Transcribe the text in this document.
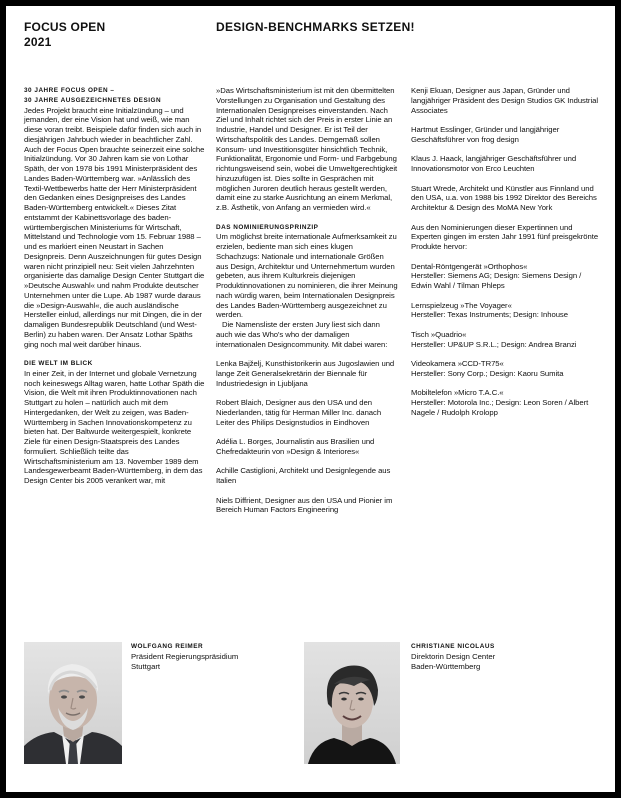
FOCUS OPEN
2021
DESIGN-BENCHMARKS SETZEN!

30 JAHRE FOCUS OPEN –

30 JAHRE AUSGEZEICHNETES DESIGN

Jedes Projekt braucht eine Initialzündung – und jemanden, der eine Vision hat und weiß, wie man diese voran treibt. Beispiele dafür finden sich auch in diesjährigen Jahrbuch wieder in beachtlicher Zahl. Auch der Focus Open brauchte seinerzeit eine solche Initialzündung. Vor 30 Jahren kam sie von Lothar Späth, der von 1978 bis 1991 Ministerpräsident des Landes Baden-Württemberg war. »Anlässlich des Textil-Wettbewerbs hatte der Herr Ministerpräsident den Gedanken eines Designpreises des Landes Baden-Württemberg entwickelt.« Dieses Zitat entstammt der Kabinettsvorlage des baden-württembergischen Ministeriums für Wirtschaft, Mittelstand und Technologie vom 15. Februar 1988 – und es markiert einen Neustart in Sachen Designpreis. Denn Auszeichnungen für gutes Design waren nicht prinzipiell neu: Seit vielen Jahrzehnten organisierte das damalige Design Center Stuttgart die »Deutsche Auswahl« und nahm Produkte deutscher Unternehmen unter die Lupe. Ab 1987 wurde daraus die »Design-Auswahl«, die auch ausländische Hersteller einlud, allerdings nur mit Dingen, die in der damaligen Bundesrepublik Deutschland (und West-Berlin) zu haben waren. Der Ansatz Lothar Späths ging noch mal weit darüber hinaus.

DIE WELT IM BLICK

In einer Zeit, in der Internet und globale Vernetzung noch keineswegs Alltag waren, hatte Lothar Späth die Vision, die Welt mit ihren Produktinnovationen nach Stuttgart zu holen – natürlich auch mit dem Hintergedanken, der Welt zu zeigen, was Baden-Württemberg in Sachen Innovationskompetenz zu bieten hat. Der Baltwurde weitergespielt, konkrete Ziele für einen Design-Staatspreis des Landes formuliert. Schließlich teilte das Wirtschaftsministerium am 13. November 1989 dem Landesgewerbeamt Baden-Württemberg, in dem das Design Center bis 2005 verankert war, mit

»Das Wirtschaftsministerium ist mit den übermittelten Vorstellungen zu Organisation und Gestaltung des Internationalen Designpreises einverstanden. Nach Ziel und Inhalt richtet sich der Preis in erster Linie an Industrie, Handel und Designer. Er ist Teil der Wirtschaftspolitik des Landes. Demgemäß sollen Konsum- und Investitionsgüter hinsichtlich Technik, Funktionalität, Ergonomie und Form- und Farbgebung richtungsweisend sein, wobei die Umweltgerechtigkeit hinzuzufügen ist. Dies sollte in Gesprächen mit möglichen Juroren deutlich heraus gestellt werden, damit eine zu starke Ausrichtung an einem Merkmal, z.B. Ästhetik, von Anfang an vermieden wird.«

DAS NOMINIERUNGSPRINZIP

Um möglichst breite internationale Aufmerksamkeit zu erzielen, bediente man sich eines klugen Schachzugs: Nationale und internationale Größen aus Design, Architektur und Unternehmertum wurden gebeten, aus ihrem Kulturkreis diejenigen Produktinnovationen zu nominieren, die ihrer Meinung nach würdig waren, beim Internationalen Designpreis des Landes Baden-Württemberg ausgezeichnet zu werden.

Die Namensliste der ersten Jury liest sich dann auch wie das Who's who der damaligen internationalen Designcommunity. Mit dabei waren:

Lenka Bajželj, Kunsthistorikerin aus Jugoslawien und lange Zeit Generalsekretärin der Biennale für Industriedesign in Ljubljana

Robert Blaich, Designer aus den USA und den Niederlanden, tätig für Herman Miller Inc. danach Leiter des Philips Designstudios in Eindhoven

Adélia L. Borges, Journalistin aus Brasilien und Chefredakteurin von »Design & Interiores«

Achille Castiglioni, Architekt und Designlegende aus Italien

Niels Diffrient, Designer aus den USA und Pionier im Bereich Human Factors Engineering

Kenji Ekuan, Designer aus Japan, Gründer und langjähriger Präsident des Design Studios GK Industrial Associates

Hartmut Esslinger, Gründer und langjähriger Geschäftsführer von frog design

Klaus J. Haack, langjähriger Geschäftsführer und Innovationsmotor von Erco Leuchten

Stuart Wrede, Architekt und Künstler aus Finnland und den USA, u.a. von 1988 bis 1992 Direktor des Bereichs Architektur & Design des MoMA New York

Aus den Nominierungen dieser Expertinnen und Experten gingen im ersten Jahr 1991 fünf preisgekrönte Produkte hervor:

Dental-Röntgengerät »Orthophos«

Hersteller: Siemens AG; Design: Siemens Design / Edwin Wahl / Tilman Phleps

Lernspielzeug »The Voyager«

Hersteller: Texas Instruments; Design: Inhouse

Tisch »Quadrio«

Hersteller: UP&UP S.R.L.; Design: Andrea Branzi

Videokamera »CCD-TR75«

Hersteller: Sony Corp.; Design: Kaoru Sumita

Mobiltelefon »Micro T.A.C.«

Hersteller: Motorola Inc.; Design: Leon Soren / Albert Nagele / Rudolph Krolopp

WOLFGANG REIMER
Präsident Regierungspräsidium
Stuttgart
CHRISTIANE NICOLAUS
Direktorin Design Center
Baden-Württemberg
